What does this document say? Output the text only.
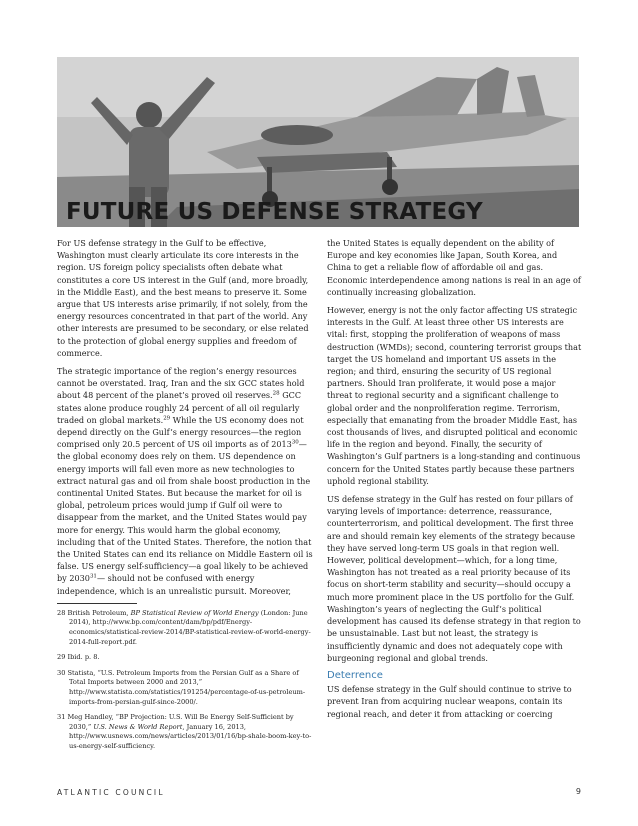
FUTURE US DEFENSE STRATEGY

For US defense strategy in the Gulf to be effective, Washington must clearly articulate its core interests in the region. US foreign policy specialists often debate what constitutes a core US interest in the Gulf (and, more broadly, in the Middle East), and the best means to preserve it. Some argue that US interests arise primarily, if not solely, from the energy resources concentrated in that part of the world. Any other interests are presumed to be secondary, or else related to the protection of global energy supplies and freedom of commerce.

The strategic importance of the region’s energy resources cannot be overstated. Iraq, Iran and the six GCC states hold about 48 percent of the planet’s proved oil reserves.$^{28}$ GCC states alone produce roughly 24 percent of all oil regularly traded on global markets.$^{29}$ While the US economy does not depend directly on the Gulf’s energy resources—the region comprised only 20.5 percent of US oil imports as of 2013$^{30}$—the global economy does rely on them. US dependence on energy imports will fall even more as new technologies to extract natural gas and oil from shale boost production in the continental United States. But because the market for oil is global, petroleum prices would jump if Gulf oil were to disappear from the market, and the United States would pay more for energy. This would harm the global economy, including that of the United States. Therefore, the notion that the United States can end its reliance on Middle Eastern oil is false. US energy self-sufficiency—a goal likely to be achieved by 2030$^{31}$— should not be confused with energy independence, which is an unrealistic pursuit. Moreover,

28 British Petroleum, BP Statistical Review of World Energy (London: June 2014), http://www.bp.com/content/dam/bp/pdf/Energy-economics/statistical-review-2014/BP-statistical-review-of-world-energy-2014-full-report.pdf.

29 Ibid. p. 8.

30 Statista, “U.S. Petroleum Imports from the Persian Gulf as a Share of Total Imports between 2000 and 2013,” http://www.statista.com/statistics/191254/percentage-of-us-petroleum-imports-from-persian-gulf-since-2000/.

31 Meg Handley, “BP Projection: U.S. Will Be Energy Self-Sufficient by 2030,” U.S. News & World Report, January 16, 2013, http://www.usnews.com/news/articles/2013/01/16/bp-shale-boom-key-to-us-energy-self-sufficiency.

the United States is equally dependent on the ability of Europe and key economies like Japan, South Korea, and China to get a reliable flow of affordable oil and gas. Economic interdependence among nations is real in an age of continually increasing globalization.

However, energy is not the only factor affecting US strategic interests in the Gulf. At least three other US interests are vital: first, stopping the proliferation of weapons of mass destruction (WMDs); second, countering terrorist groups that target the US homeland and important US assets in the region; and third, ensuring the security of US regional partners. Should Iran proliferate, it would pose a major threat to regional security and a significant challenge to global order and the nonproliferation regime. Terrorism, especially that emanating from the broader Middle East, has cost thousands of lives, and disrupted political and economic life in the region and beyond. Finally, the security of Washington’s Gulf partners is a long-standing and continuous concern for the United States partly because these partners uphold regional stability.

US defense strategy in the Gulf has rested on four pillars of varying levels of importance: deterrence, reassurance, counterterrorism, and political development. The first three are and should remain key elements of the strategy because they have served long-term US goals in that region well. However, political development—which, for a long time, Washington has not treated as a real priority because of its focus on short-term stability and security—should occupy a much more prominent place in the US portfolio for the Gulf. Washington’s years of neglecting the Gulf’s political development has caused its defense strategy in that region to be unsustainable. Last but not least, the strategy is insufficiently dynamic and does not adequately cope with burgeoning regional and global trends.

Deterrence

US defense strategy in the Gulf should continue to strive to prevent Iran from acquiring nuclear weapons, contain its regional reach, and deter it from attacking or coercing

ATLANTIC COUNCIL	9
